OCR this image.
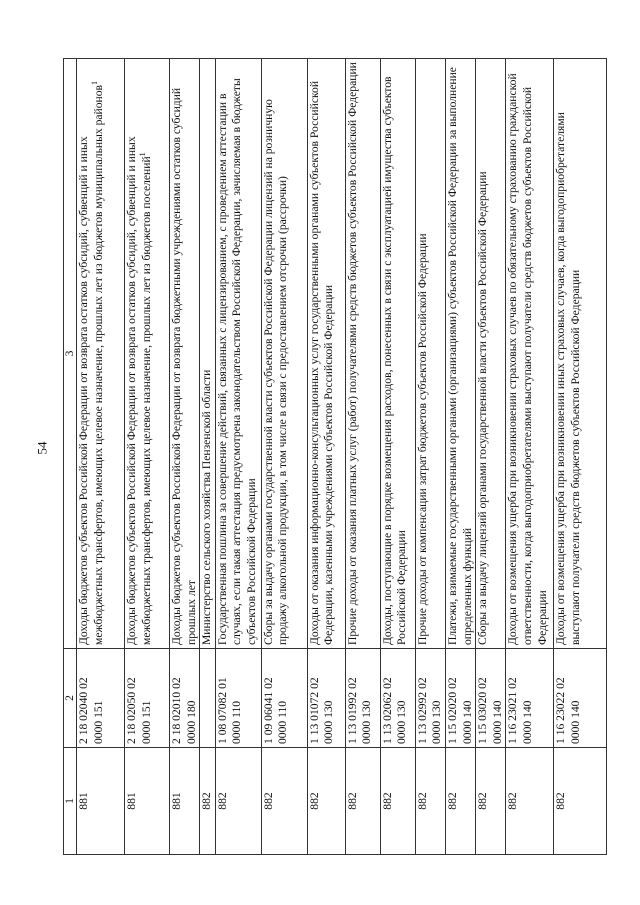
54
1	2	3
881	2 18 02040 02 0000 151	Доходы бюджетов субъектов Российской Федерации от возврата остатков субсидий, субвенций и иных межбюджетных трансфертов, имеющих целевое назначение, прошлых лет из бюджетов муниципальных районов$^1$
881	2 18 02050 02 0000 151	Доходы бюджетов субъектов Российской Федерации от возврата остатков субсидий, субвенций и иных межбюджетных трансфертов, имеющих целевое назначение, прошлых лет из бюджетов поселений$^1$
881	2 18 02010 02 0000 180	Доходы бюджетов субъектов Российской Федерации от возврата бюджетными учреждениями остатков субсидий прошлых лет
882		Министерство сельского хозяйства Пензенской области
882	1 08 07082 01 0000 110	Государственная пошлина за совершение действий, связанных с лицензированием, с проведением аттестации в случаях, если такая аттестация предусмотрена законодательством Российской Федерации, зачисляемая в бюджеты субъектов Российской Федерации
882	1 09 06041 02 0000 110	Сборы за выдачу органами государственной власти субъектов Российской Федерации лицензий на розничную продажу алкогольной продукции, в том числе в связи с предоставлением отсрочки (рассрочки)
882	1 13 01072 02 0000 130	Доходы от оказания информационно-консультационных услуг государственными органами субъектов Российской Федерации, казенными учреждениями субъектов Российской Федерации
882	1 13 01992 02 0000 130	Прочие доходы от оказания платных услуг (работ) получателями средств бюджетов субъектов Российской Федерации
882	1 13 02062 02 0000 130	Доходы, поступающие в порядке возмещения расходов, понесенных в связи с эксплуатацией имущества субъектов Российской Федерации
882	1 13 02992 02 0000 130	Прочие доходы от компенсации затрат бюджетов субъектов Российской Федерации
882	1 15 02020 02 0000 140	Платежи, взимаемые государственными органами (организациями) субъектов Российской Федерации за выполнение определенных функций
882	1 15 03020 02 0000 140	Сборы за выдачу лицензий органами государственной власти субъектов Российской Федерации
882	1 16 23021 02 0000 140	Доходы от возмещения ущерба при возникновении страховых случаев по обязательному страхованию гражданской ответственности, когда выгодоприобретателями выступают получатели средств бюджетов субъектов Российской Федерации
882	1 16 23022 02 0000 140	Доходы от возмещения ущерба при возникновении иных страховых случаев, когда выгодоприобретателями выступают получатели средств бюджетов субъектов Российской Федерации
